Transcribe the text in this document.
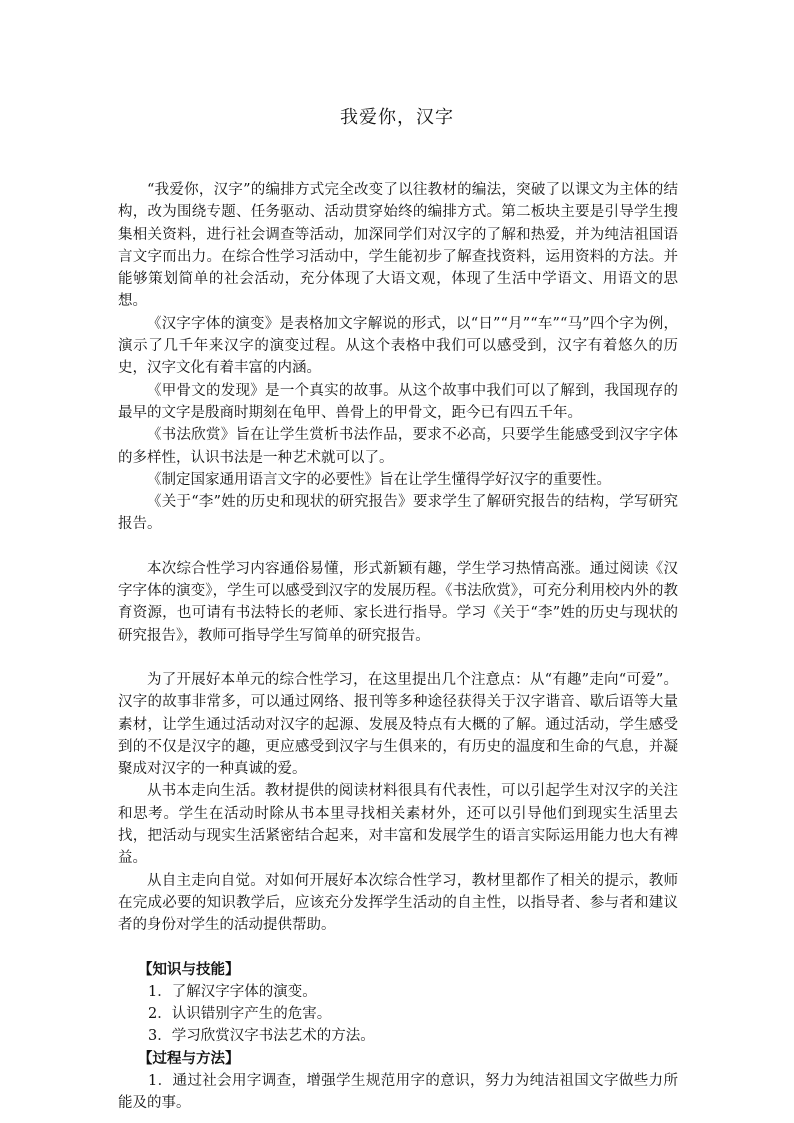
我爱你，汉字

“我爱你，汉字”的编排方式完全改变了以往教材的编法，突破了以课文为主体的结构，改为围绕专题、任务驱动、活动贯穿始终的编排方式。第二板块主要是引导学生搜集相关资料，进行社会调查等活动，加深同学们对汉字的了解和热爱，并为纯洁祖国语言文字而出力。在综合性学习活动中，学生能初步了解查找资料，运用资料的方法。并能够策划简单的社会活动，充分体现了大语文观，体现了生活中学语文、用语文的思想。

《汉字字体的演变》是表格加文字解说的形式，以“日”“月”“车”“马”四个字为例，演示了几千年来汉字的演变过程。从这个表格中我们可以感受到，汉字有着悠久的历史，汉字文化有着丰富的内涵。

《甲骨文的发现》是一个真实的故事。从这个故事中我们可以了解到，我国现存的最早的文字是殷商时期刻在龟甲、兽骨上的甲骨文，距今已有四五千年。

《书法欣赏》旨在让学生赏析书法作品，要求不必高，只要学生能感受到汉字字体的多样性，认识书法是一种艺术就可以了。

《制定国家通用语言文字的必要性》旨在让学生懂得学好汉字的重要性。

《关于“李”姓的历史和现状的研究报告》要求学生了解研究报告的结构，学写研究报告。

本次综合性学习内容通俗易懂，形式新颖有趣，学生学习热情高涨。通过阅读《汉字字体的演变》，学生可以感受到汉字的发展历程。《书法欣赏》，可充分利用校内外的教育资源，也可请有书法特长的老师、家长进行指导。学习《关于“李”姓的历史与现状的研究报告》，教师可指导学生写简单的研究报告。

为了开展好本单元的综合性学习，在这里提出几个注意点：从“有趣”走向“可爱”。汉字的故事非常多，可以通过网络、报刊等多种途径获得关于汉字谐音、歇后语等大量素材，让学生通过活动对汉字的起源、发展及特点有大概的了解。通过活动，学生感受到的不仅是汉字的趣，更应感受到汉字与生俱来的，有历史的温度和生命的气息，并凝聚成对汉字的一种真诚的爱。

从书本走向生活。教材提供的阅读材料很具有代表性，可以引起学生对汉字的关注和思考。学生在活动时除从书本里寻找相关素材外，还可以引导他们到现实生活里去找，把活动与现实生活紧密结合起来，对丰富和发展学生的语言实际运用能力也大有裨益。

从自主走向自觉。对如何开展好本次综合性学习，教材里都作了相关的提示，教师在完成必要的知识教学后，应该充分发挥学生活动的自主性，以指导者、参与者和建议者的身份对学生的活动提供帮助。

【知识与技能】

1．了解汉字字体的演变。

2．认识错别字产生的危害。

3．学习欣赏汉字书法艺术的方法。

【过程与方法】

1．通过社会用字调查，增强学生规范用字的意识，努力为纯洁祖国文字做些力所能及的事。
